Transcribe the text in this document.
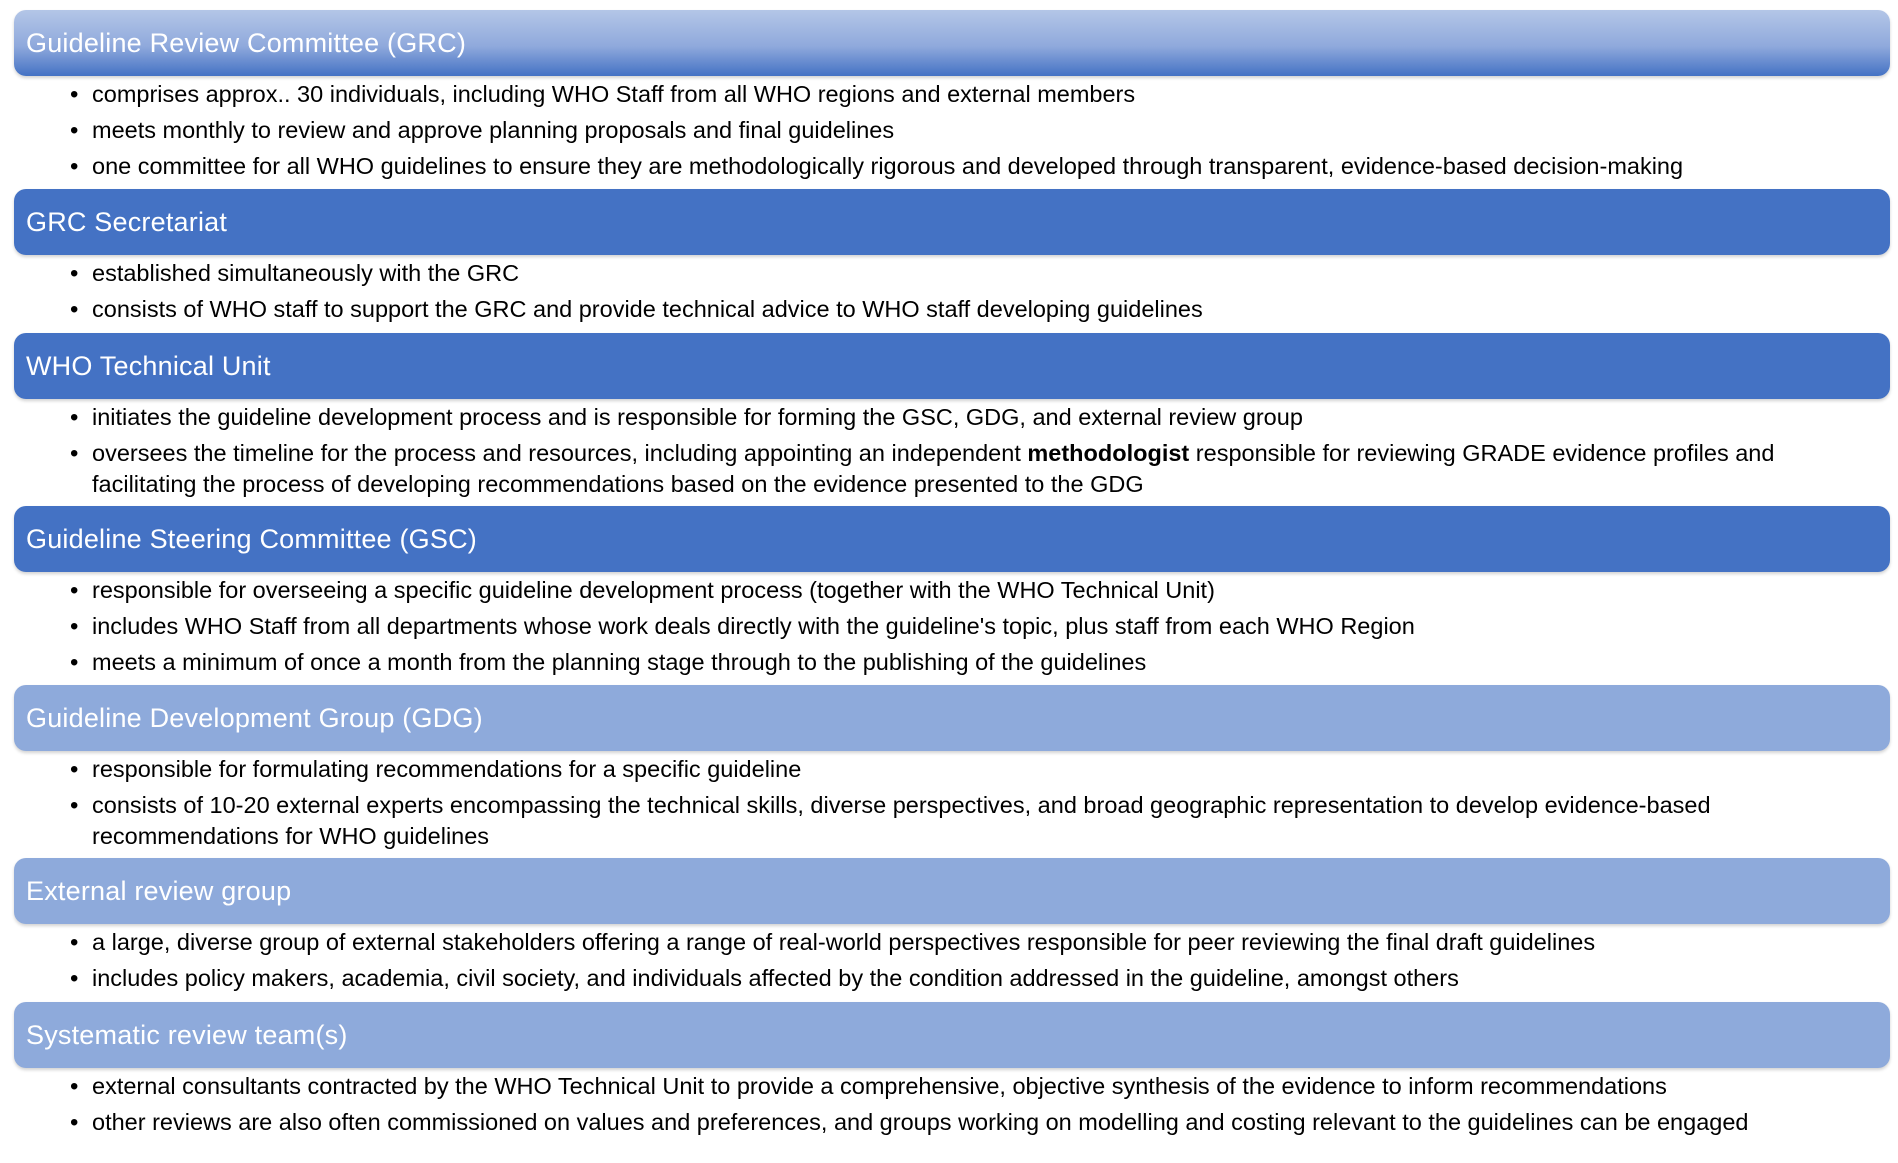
Guideline Review Committee (GRC)
• comprises approx.. 30 individuals, including WHO Staff from all WHO regions and external members
• meets monthly to review and approve planning proposals and final guidelines
• one committee for all WHO guidelines to ensure they are methodologically rigorous and developed through transparent, evidence-based decision-making
GRC Secretariat
• established simultaneously with the GRC
• consists of WHO staff to support the GRC and provide technical advice to WHO staff developing guidelines
WHO Technical Unit
• initiates the guideline development process and is responsible for forming the GSC, GDG, and external review group
• oversees the timeline for the process and resources, including appointing an independent methodologist responsible for reviewing GRADE evidence profiles and facilitating the process of developing recommendations based on the evidence presented to the GDG
Guideline Steering Committee (GSC)
• responsible for overseeing a specific guideline development process (together with the WHO Technical Unit)
• includes WHO Staff from all departments whose work deals directly with the guideline's topic, plus staff from each WHO Region
• meets a minimum of once a month from the planning stage through to the publishing of the guidelines
Guideline Development Group (GDG)
• responsible for formulating recommendations for a specific guideline
• consists of 10-20 external experts encompassing the technical skills, diverse perspectives, and broad geographic representation to develop evidence-based recommendations for WHO guidelines
External review group
• a large, diverse group of external stakeholders offering a range of real-world perspectives responsible for peer reviewing the final draft guidelines
• includes policy makers, academia, civil society, and individuals affected by the condition addressed in the guideline, amongst others
Systematic review team(s)
• external consultants contracted by the WHO Technical Unit to provide a comprehensive, objective synthesis of the evidence to inform recommendations
• other reviews are also often commissioned on values and preferences, and groups working on modelling and costing relevant to the guidelines can be engaged
